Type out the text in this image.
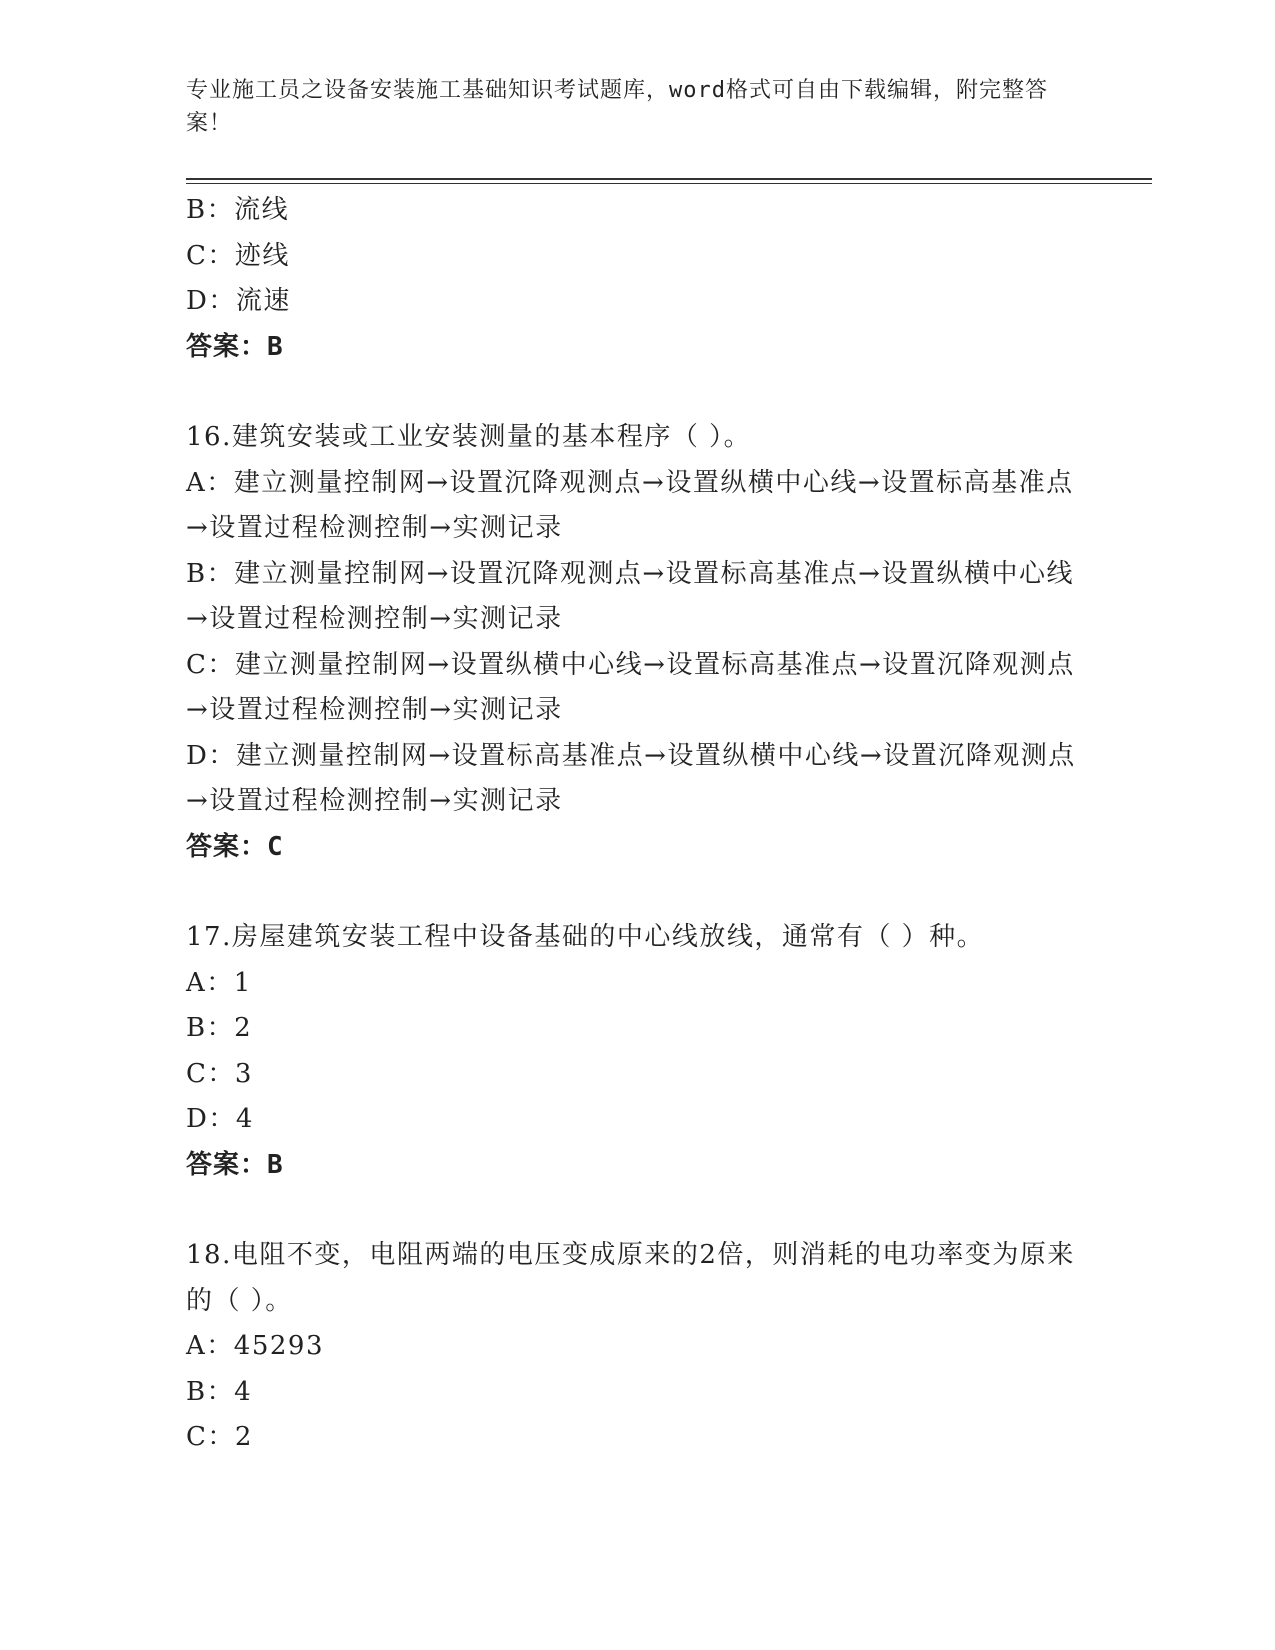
专业施工员之设备安装施工基础知识考试题库，word格式可自由下载编辑，附完整答案！
B：流线
C：迹线
D：流速
答案：B
16.建筑安装或工业安装测量的基本程序（ ）。
A：建立测量控制网→设置沉降观测点→设置纵横中心线→设置标高基准点→设置过程检测控制→实测记录
B：建立测量控制网→设置沉降观测点→设置标高基准点→设置纵横中心线→设置过程检测控制→实测记录
C：建立测量控制网→设置纵横中心线→设置标高基准点→设置沉降观测点→设置过程检测控制→实测记录
D：建立测量控制网→设置标高基准点→设置纵横中心线→设置沉降观测点→设置过程检测控制→实测记录
答案：C
17.房屋建筑安装工程中设备基础的中心线放线，通常有（ ）种。
A：1
B：2
C：3
D：4
答案：B
18.电阻不变，电阻两端的电压变成原来的2倍，则消耗的电功率变为原来的（ ）。
A：45293
B：4
C：2
